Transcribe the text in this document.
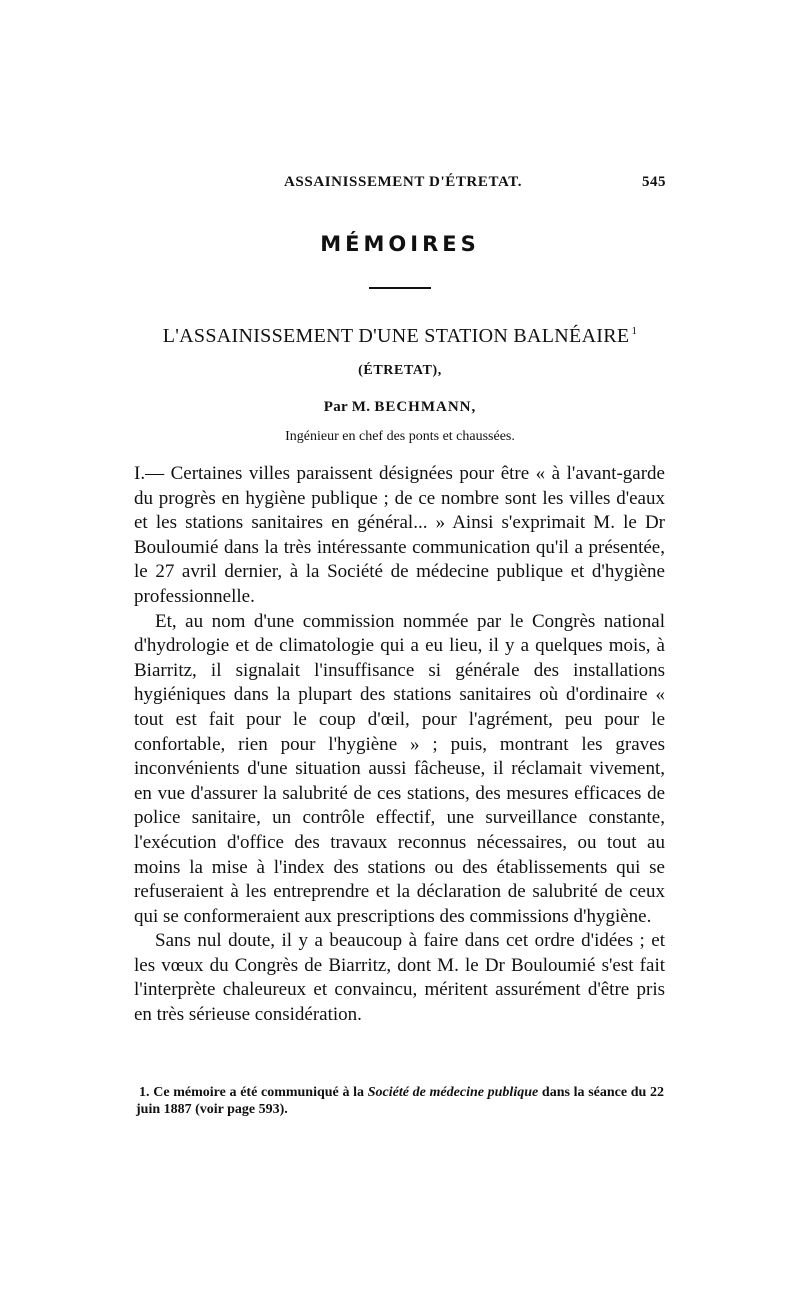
ASSAINISSEMENT D'ÉTRETAT.	545
MÉMOIRES
L'ASSAINISSEMENT D'UNE STATION BALNÉAIRE $^1$
(ÉTRETAT),
Par M. BECHMANN,
Ingénieur en chef des ponts et chaussées.

I.— Certaines villes paraissent désignées pour être « à l'avant-garde du progrès en hygiène publique ; de ce nombre sont les villes d'eaux et les stations sanitaires en général... » Ainsi s'exprimait M. le Dr Bouloumié dans la très intéressante communication qu'il a présentée, le 27 avril dernier, à la Société de médecine publique et d'hygiène professionnelle.

Et, au nom d'une commission nommée par le Congrès national d'hydrologie et de climatologie qui a eu lieu, il y a quelques mois, à Biarritz, il signalait l'insuffisance si générale des installations hygiéniques dans la plupart des stations sanitaires où d'ordinaire « tout est fait pour le coup d'œil, pour l'agrément, peu pour le confortable, rien pour l'hygiène » ; puis, montrant les graves inconvénients d'une situation aussi fâcheuse, il réclamait vivement, en vue d'assurer la salubrité de ces stations, des mesures efficaces de police sanitaire, un contrôle effectif, une surveillance constante, l'exécution d'office des travaux reconnus nécessaires, ou tout au moins la mise à l'index des stations ou des établissements qui se refuseraient à les entreprendre et la déclaration de salubrité de ceux qui se conformeraient aux prescriptions des commissions d'hygiène.

Sans nul doute, il y a beaucoup à faire dans cet ordre d'idées ; et les vœux du Congrès de Biarritz, dont M. le Dr Bouloumié s'est fait l'interprète chaleureux et convaincu, méritent assurément d'être pris en très sérieuse considération.

1. Ce mémoire a été communiqué à la Société de médecine publique dans la séance du 22 juin 1887 (voir page 593).
